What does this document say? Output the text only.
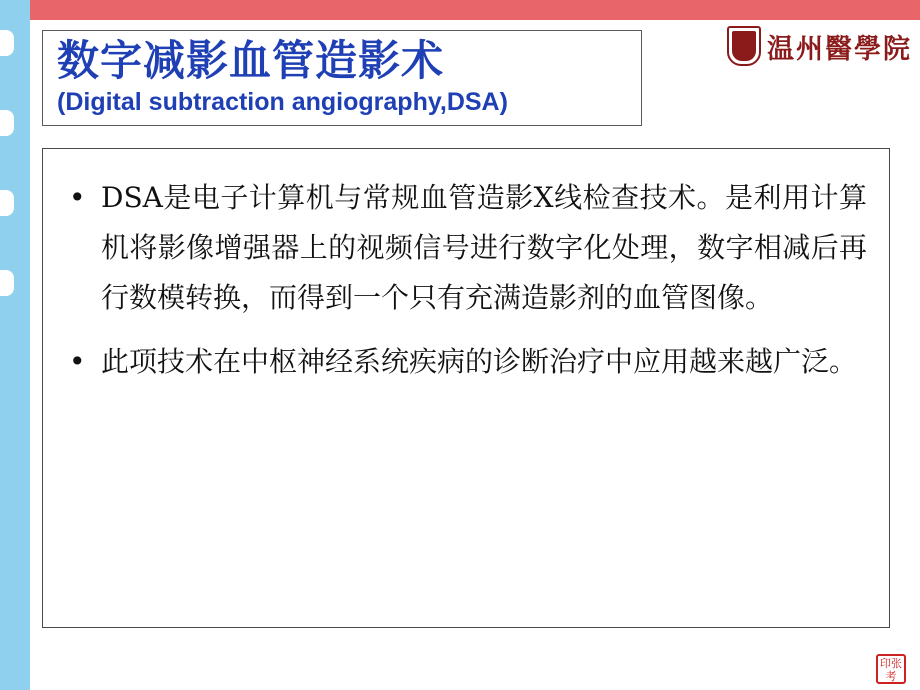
温州醫學院
数字减影血管造影术
(Digital subtraction angiography,DSA)
• DSA是电子计算机与常规血管造影X线检查技术。是利用计算机将影像增强器上的视频信号进行数字化处理，数字相减后再行数模转换，而得到一个只有充满造影剂的血管图像。
• 此项技术在中枢神经系统疾病的诊断治疗中应用越来越广泛。
印张考
